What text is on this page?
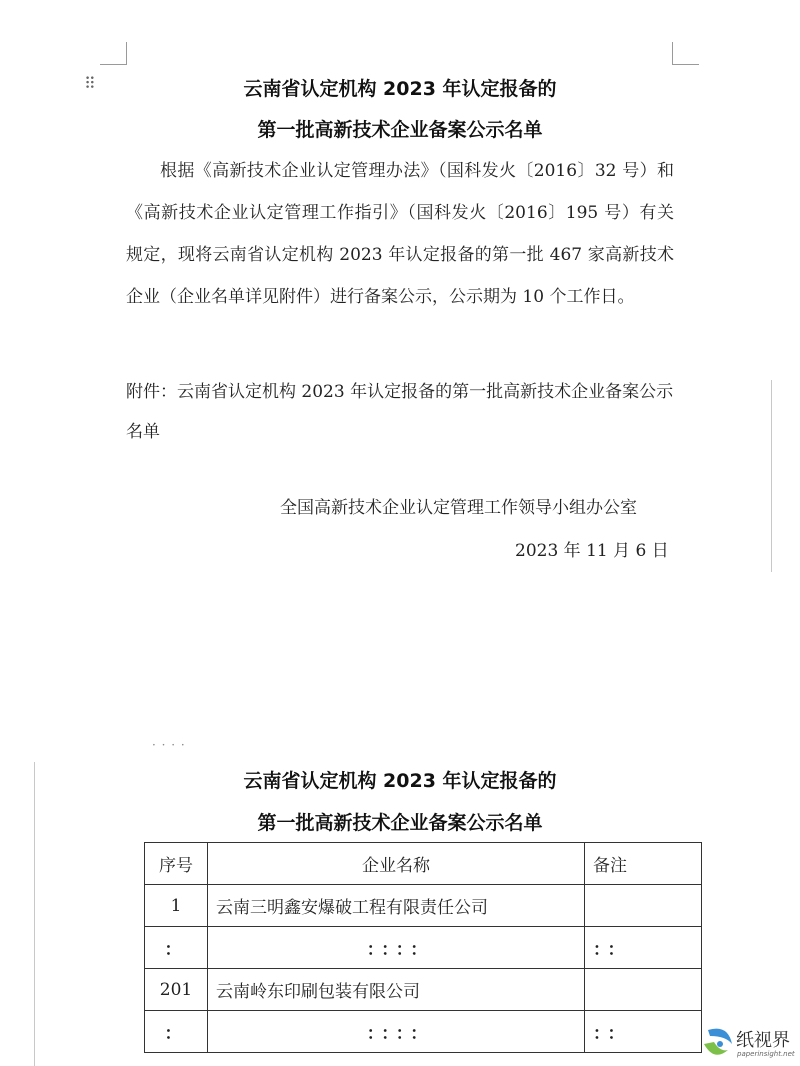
⠿	云南省认定机构 2023 年认定报备的
第一批高新技术企业备案公示名单
根据《高新技术企业认定管理办法》（国科发火〔2016〕32 号）和《高新技术企业认定管理工作指引》（国科发火〔2016〕195 号）有关规定，现将云南省认定机构 2023 年认定报备的第一批 467 家高新技术企业（企业名单详见附件）进行备案公示，公示期为 10 个工作日。
附件：云南省认定机构 2023 年认定报备的第一批高新技术企业备案公示名单
全国高新技术企业认定管理工作领导小组办公室
2023 年 11 月 6 日
· · · ·
云南省认定机构 2023 年认定报备的
第一批高新技术企业备案公示名单
序号	企业名称	备注
1	云南三明鑫安爆破工程有限责任公司	
：	：：：：	：：
201	云南岭东印刷包装有限公司	
：	：：：：	：：	纸视界
paperinsight.net
